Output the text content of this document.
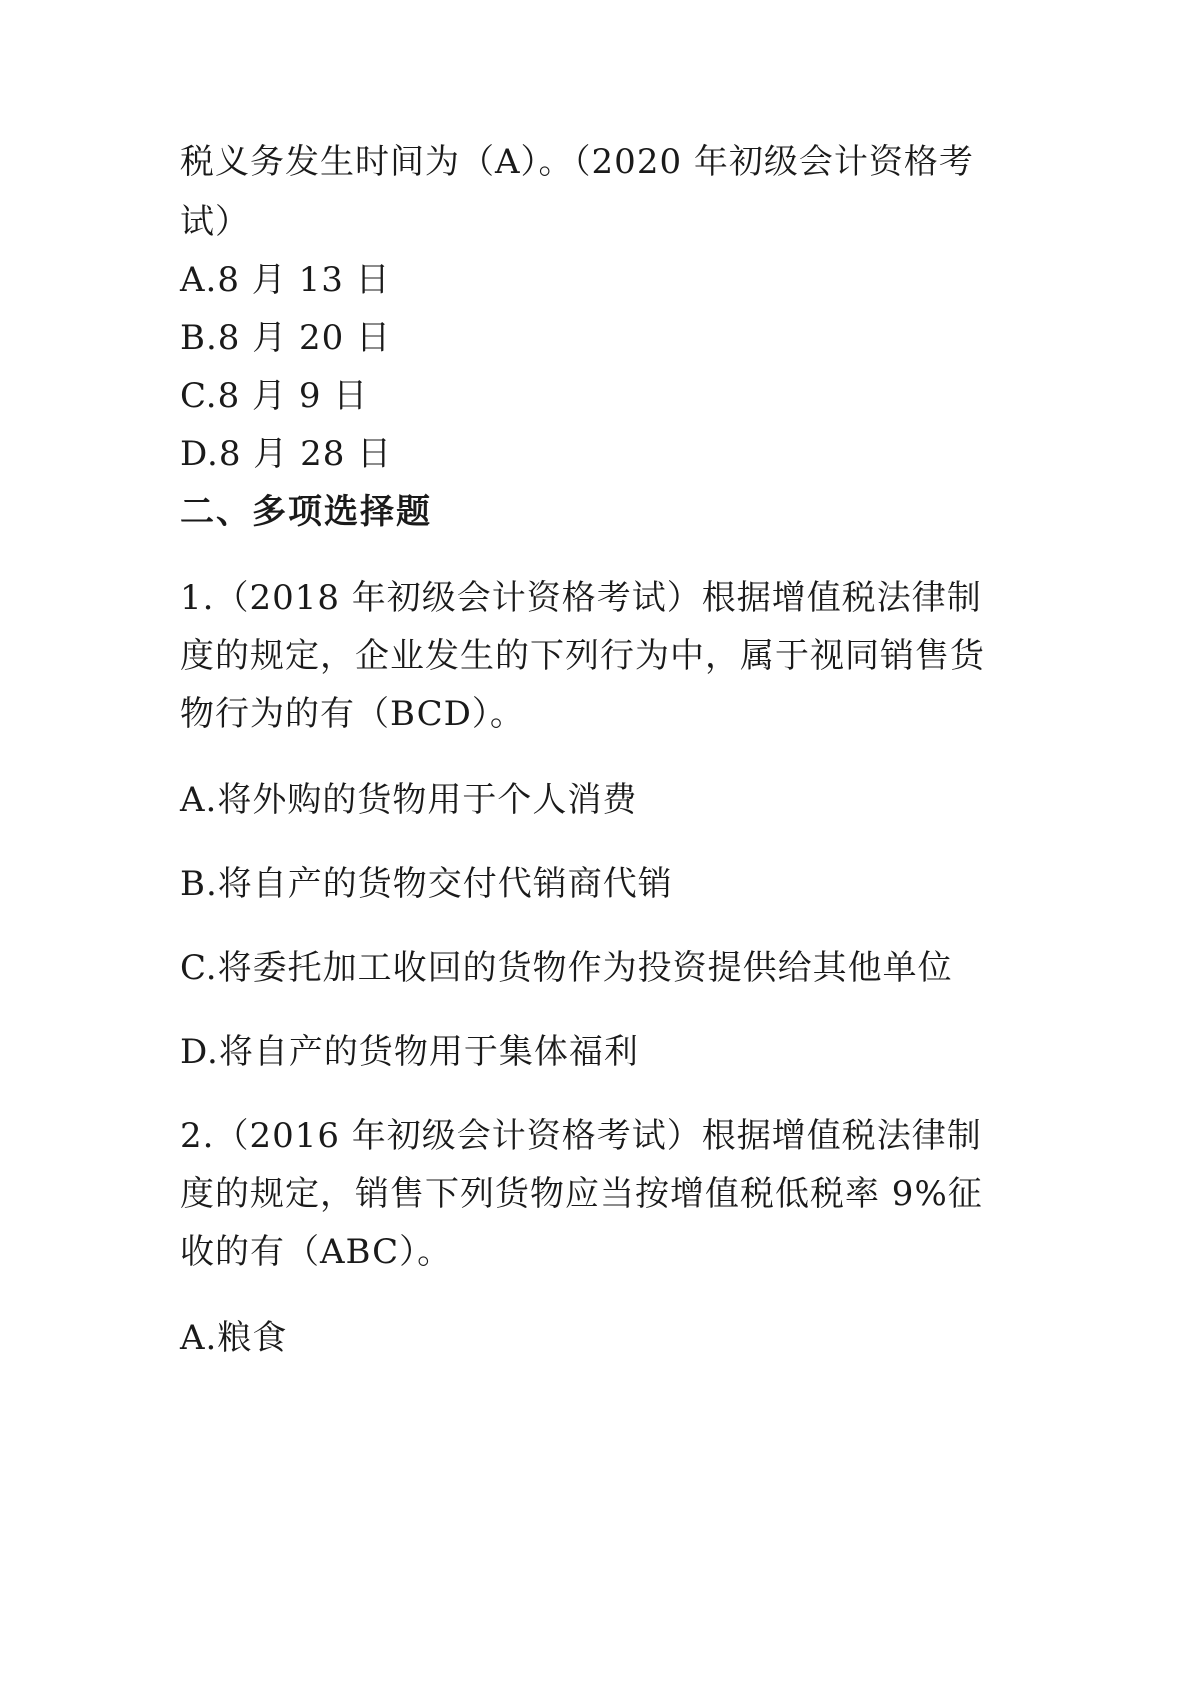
税义务发生时间为（A）。（2020 年初级会计资格考
试）
A.8 月 13 日
B.8 月 20 日
C.8 月 9 日
D.8 月 28 日
二、多项选择题
1.（2018 年初级会计资格考试）根据增值税法律制
度的规定，企业发生的下列行为中，属于视同销售货
物行为的有（BCD）。
A.将外购的货物用于个人消费
B.将自产的货物交付代销商代销
C.将委托加工收回的货物作为投资提供给其他单位
D.将自产的货物用于集体福利
2.（2016 年初级会计资格考试）根据增值税法律制
度的规定，销售下列货物应当按增值税低税率 9%征
收的有（ABC）。
A.粮食
